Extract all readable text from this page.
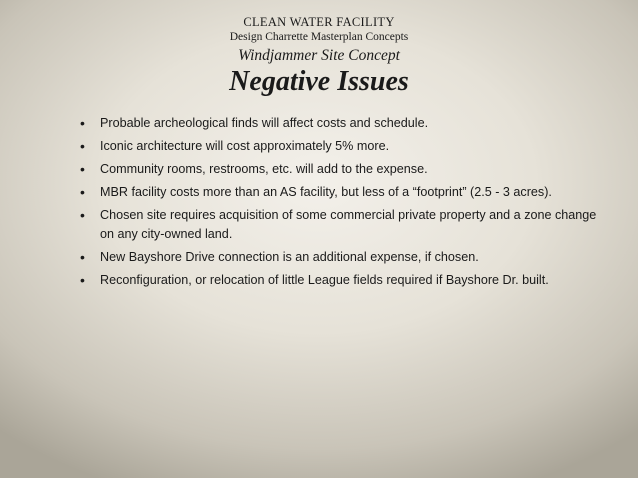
CLEAN WATER FACILITY
Design Charrette Masterplan Concepts
Windjammer Site Concept
Negative Issues
• Probable archeological finds will affect costs and schedule.
• Iconic architecture will cost approximately 5% more.
• Community rooms, restrooms, etc. will add to the expense.
• MBR facility costs more than an AS facility, but less of a “footprint” (2.5 - 3 acres).
• Chosen site requires acquisition of some commercial private property and a zone change on any city-owned land.
• New Bayshore Drive connection is an additional expense, if chosen.
• Reconfiguration, or relocation of little League fields required if Bayshore Dr. built.
